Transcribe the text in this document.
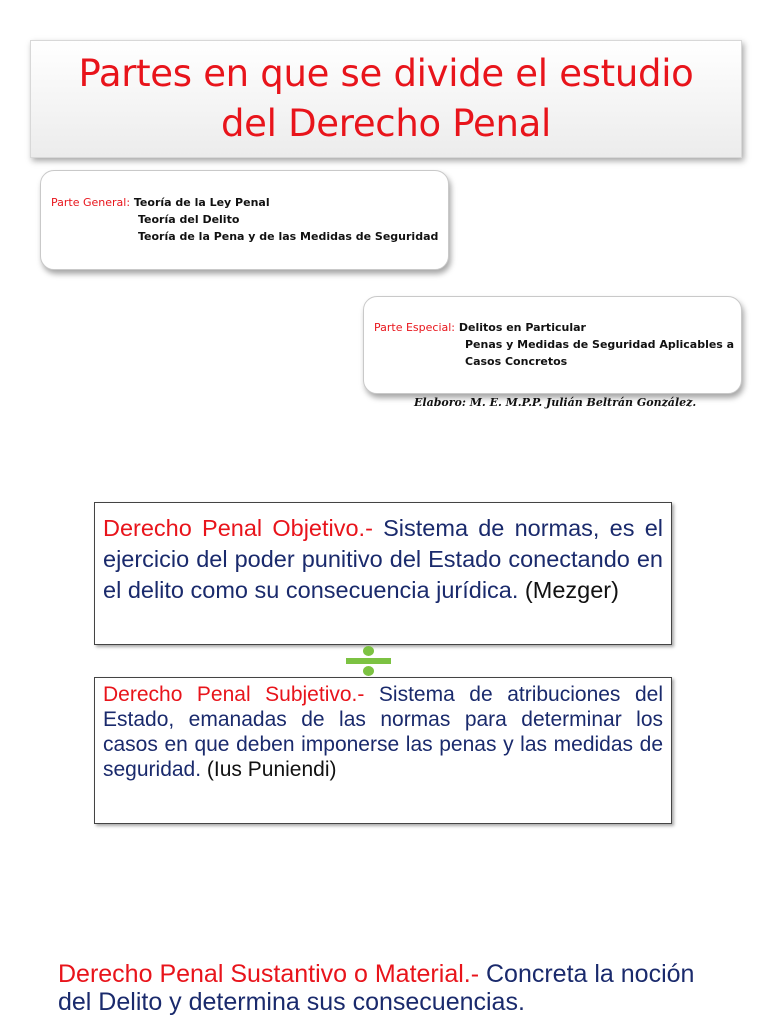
Partes en que se divide el estudio
del Derecho Penal
Parte General: Teoría de la Ley Penal
Teoría del Delito
Teoría de la Pena y de las Medidas de Seguridad
Parte Especial: Delitos en Particular
Penas y Medidas de Seguridad Aplicables a
Casos Concretos
Elaboro: M. E. M.P.P. Julián Beltrán González.
Derecho Penal Objetivo.- Sistema de normas, es el ejercicio del poder punitivo del Estado conectando en el delito como su consecuencia jurídica. (Mezger)
Derecho Penal Subjetivo.- Sistema de atribuciones del Estado, emanadas de las normas para determinar los casos en que deben imponerse las penas y las medidas de seguridad. (Ius Puniendi)
Derecho Penal Sustantivo o Material.- Concreta la noción del Delito y determina sus consecuencias.
